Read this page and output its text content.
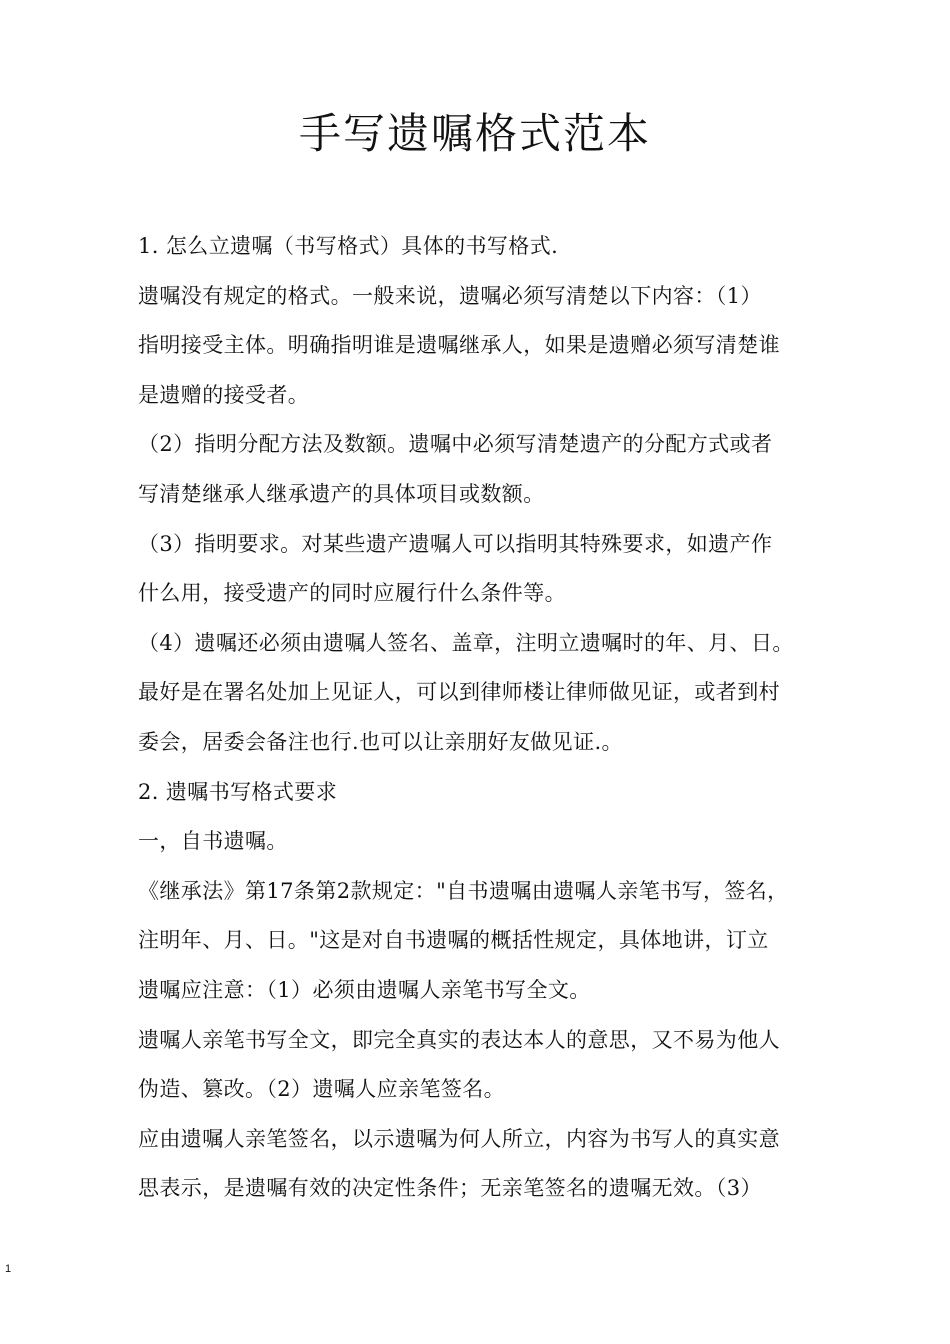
手写遗嘱格式范本
1. 怎么立遗嘱（书写格式）具体的书写格式.
遗嘱没有规定的格式。一般来说，遗嘱必须写清楚以下内容：（1）
指明接受主体。明确指明谁是遗嘱继承人，如果是遗赠必须写清楚谁
是遗赠的接受者。
（2）指明分配方法及数额。遗嘱中必须写清楚遗产的分配方式或者
写清楚继承人继承遗产的具体项目或数额。
（3）指明要求。对某些遗产遗嘱人可以指明其特殊要求，如遗产作
什么用，接受遗产的同时应履行什么条件等。
（4）遗嘱还必须由遗嘱人签名、盖章，注明立遗嘱时的年、月、日。
最好是在署名处加上见证人，可以到律师楼让律师做见证，或者到村
委会，居委会备注也行.也可以让亲朋好友做见证.。
2. 遗嘱书写格式要求
一，自书遗嘱。
《继承法》第17条第2款规定："自书遗嘱由遗嘱人亲笔书写，签名，
注明年、月、日。"这是对自书遗嘱的概括性规定，具体地讲，订立
遗嘱应注意：（1）必须由遗嘱人亲笔书写全文。
遗嘱人亲笔书写全文，即完全真实的表达本人的意思，又不易为他人
伪造、篡改。（2）遗嘱人应亲笔签名。
应由遗嘱人亲笔签名，以示遗嘱为何人所立，内容为书写人的真实意
思表示，是遗嘱有效的决定性条件；无亲笔签名的遗嘱无效。（3）
1
